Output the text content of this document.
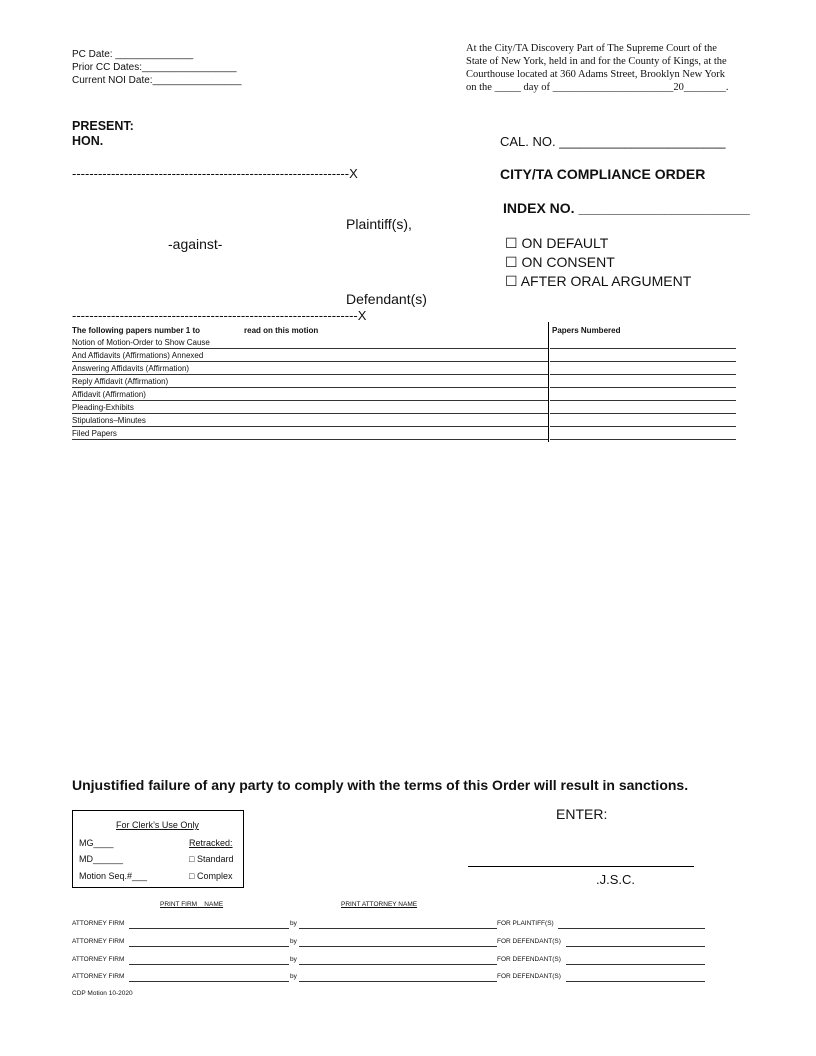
PC Date: ______________
Prior CC Dates:_________________
Current NOI Date:________________
At the City/TA Discovery Part of The Supreme Court of the
State of New York, held in and for the County of Kings, at the
Courthouse located at 360 Adams Street, Brooklyn New York
on the _____ day of _______________________20________.
PRESENT:
HON.	CAL. NO. _______________________
----------------------------------------------------------------X	CITY/TA COMPLIANCE ORDER
INDEX NO. ______________________
Plaintiff(s),
-against-
Defendant(s)
------------------------------------------------------------------X
☐ ON DEFAULT
☐ ON CONSENT
☐ AFTER ORAL ARGUMENT
The following papers number 1 to	read on this motion	Papers Numbered
Notion of Motion-Order to Show Cause
And Affidavits (Affirmations) Annexed
Answering Affidavits (Affirmation)
Reply Affidavit (Affirmation)
Affidavit (Affirmation)
Pleading-Exhibits
Stipulations–Minutes
Filed Papers
Unjustified failure of any party to comply with the terms of this Order will result in sanctions.
ENTER:
For Clerk’s Use Only
MG____	Retracked:
MD______	□ Standard
Motion Seq.#___	□ Complex	.J.S.C.
PRINT FIRM    NAME	PRINT ATTORNEY NAME
ATTORNEY FIRM	by	FOR PLAINTIFF(S)
ATTORNEY FIRM	by	FOR DEFENDANT(S)
ATTORNEY FIRM	by	FOR DEFENDANT(S)
ATTORNEY FIRM	by	FOR DEFENDANT(S)
CDP Motion 10-2020
